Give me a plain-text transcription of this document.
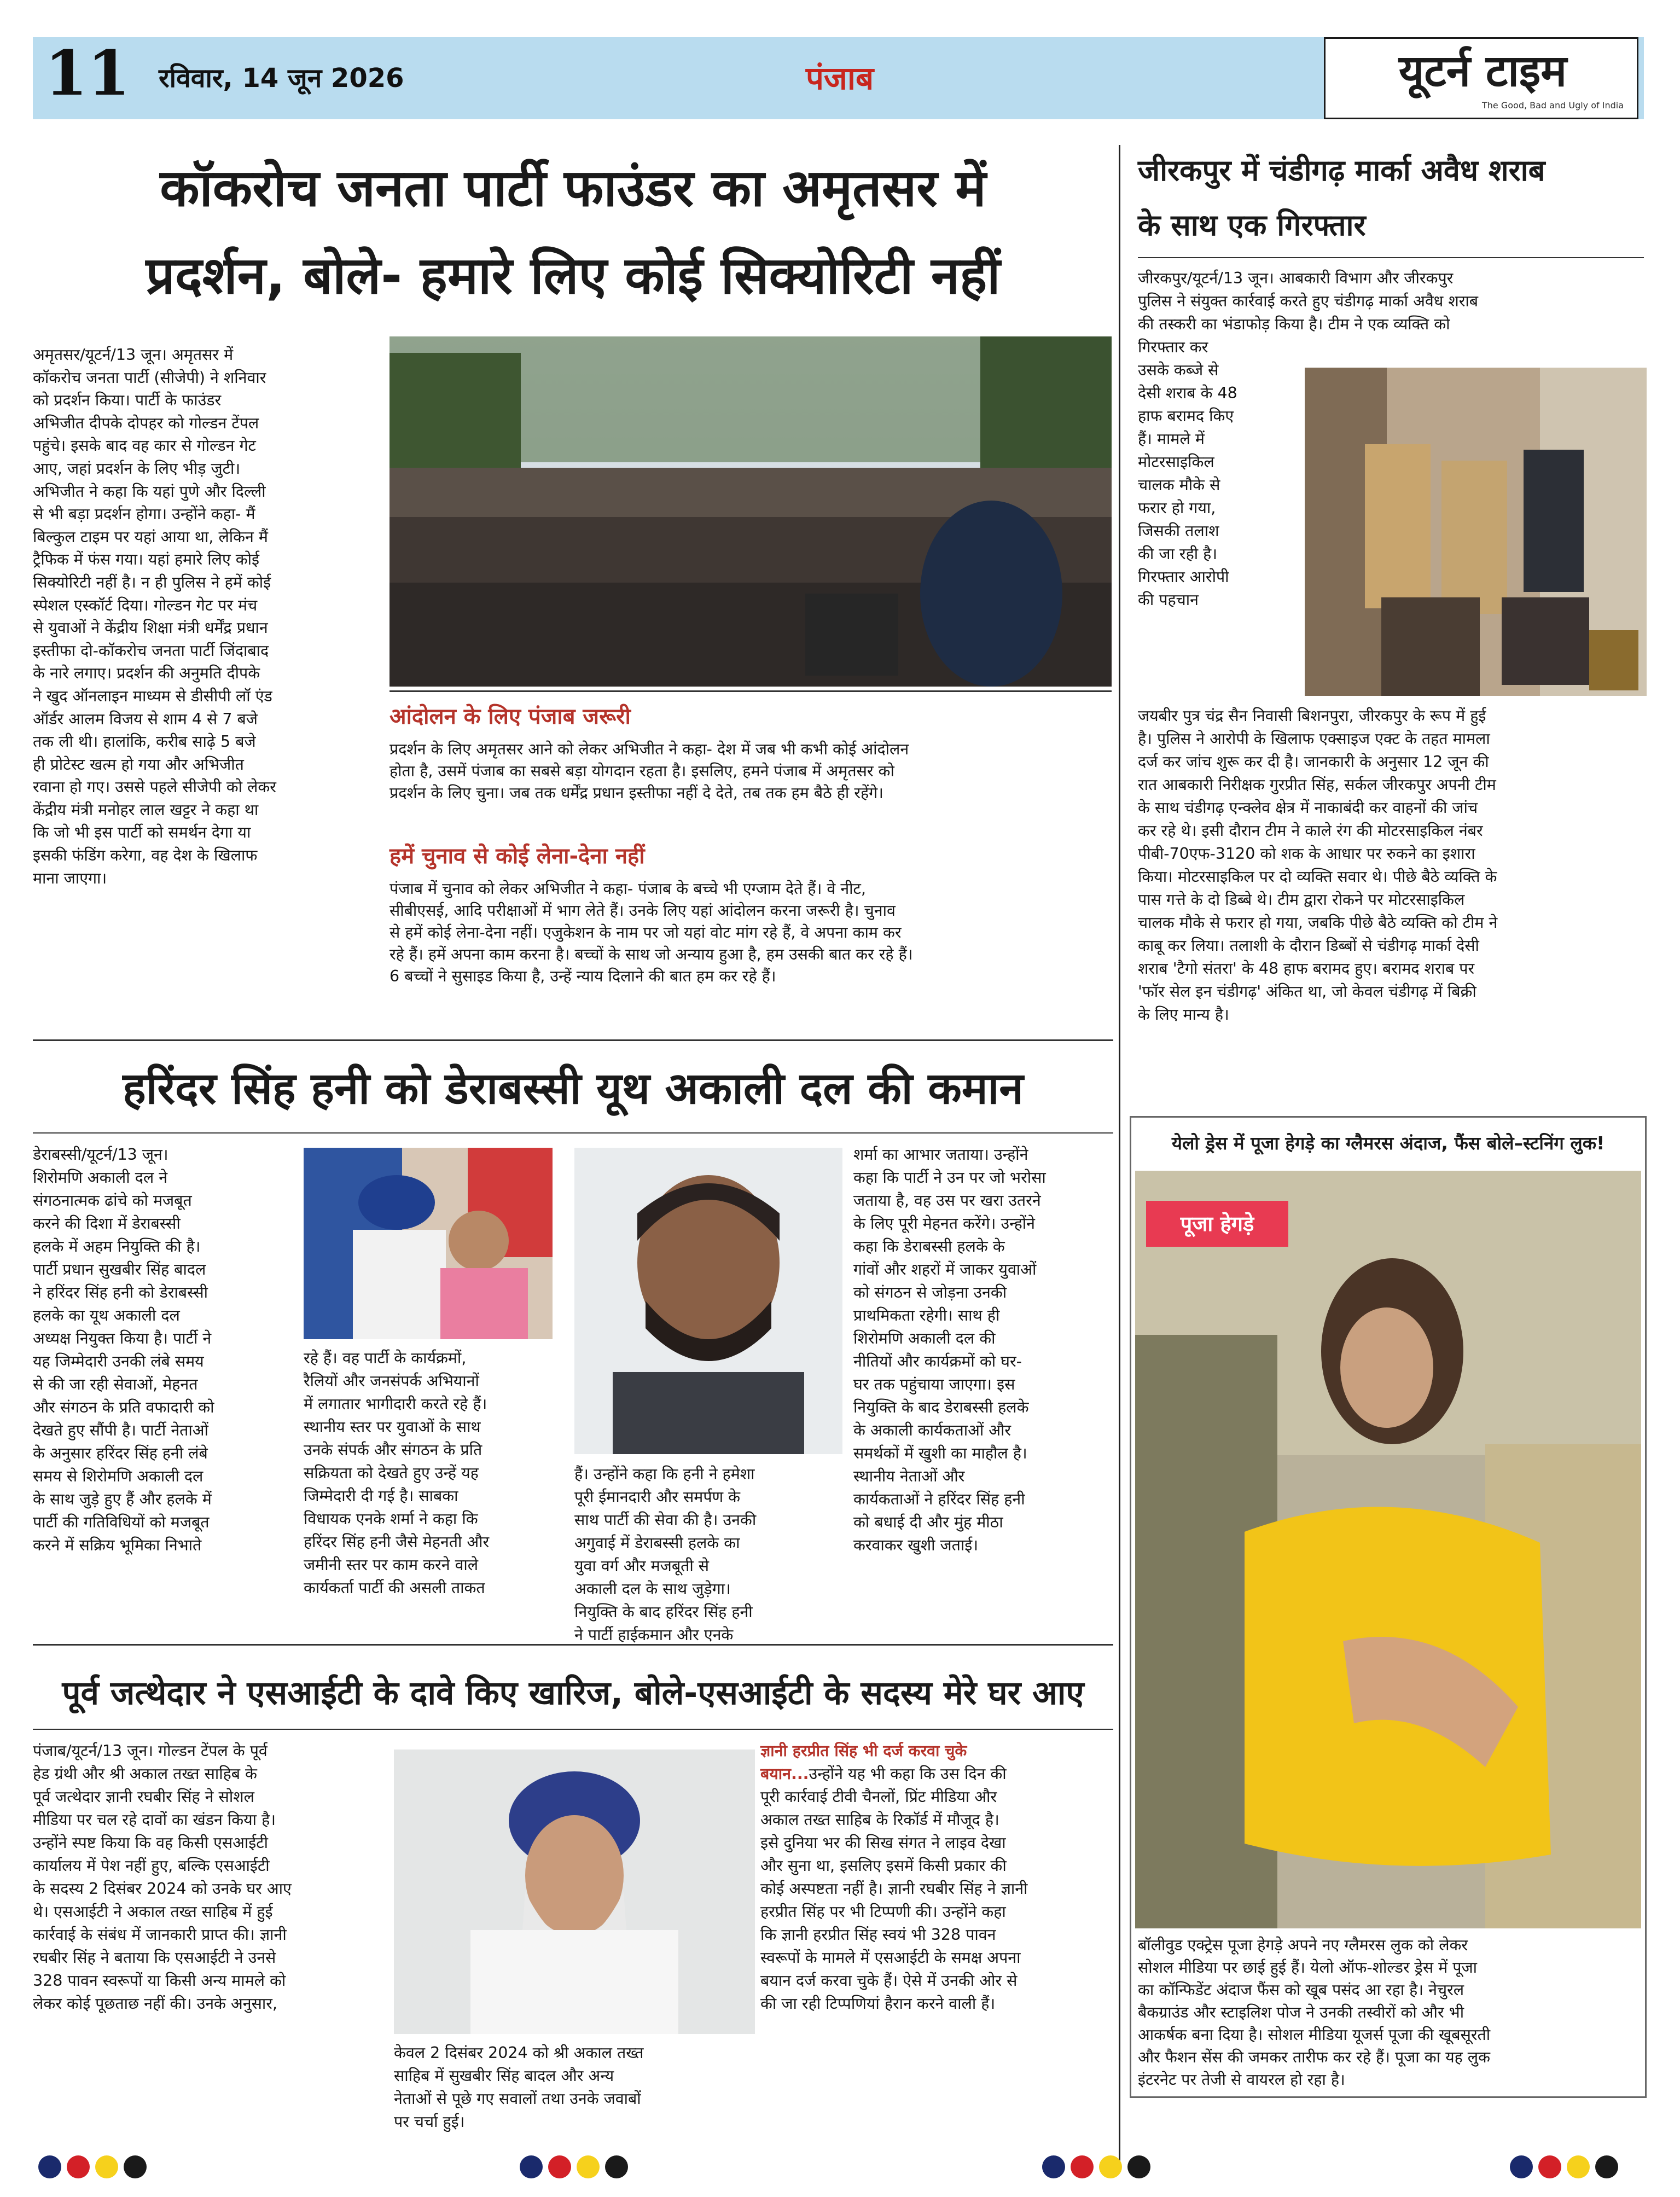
11 रविवार, 14 जून 2026	पंजाब	यूटर्न टाइम
The Good, Bad and Ugly of India
कॉकरोच जनता पार्टी फाउंडर का अमृतसर में
प्रदर्शन, बोले- हमारे लिए कोई सिक्योरिटी नहीं
अमृतसर/यूटर्न/13 जून। अमृतसर में
कॉकरोच जनता पार्टी (सीजेपी) ने शनिवार
को प्रदर्शन किया। पार्टी के फाउंडर
अभिजीत दीपके दोपहर को गोल्डन टेंपल
पहुंचे। इसके बाद वह कार से गोल्डन गेट
आए, जहां प्रदर्शन के लिए भीड़ जुटी।
अभिजीत ने कहा कि यहां पुणे और दिल्ली
से भी बड़ा प्रदर्शन होगा। उन्होंने कहा- मैं
बिल्कुल टाइम पर यहां आया था, लेकिन मैं
ट्रैफिक में फंस गया। यहां हमारे लिए कोई
सिक्योरिटी नहीं है। न ही पुलिस ने हमें कोई
स्पेशल एस्कॉर्ट दिया। गोल्डन गेट पर मंच
से युवाओं ने केंद्रीय शिक्षा मंत्री धर्मेंद्र प्रधान
इस्तीफा दो-कॉकरोच जनता पार्टी जिंदाबाद
के नारे लगाए। प्रदर्शन की अनुमति दीपके
ने खुद ऑनलाइन माध्यम से डीसीपी लॉ एंड
ऑर्डर आलम विजय से शाम 4 से 7 बजे
तक ली थी। हालांकि, करीब साढ़े 5 बजे
ही प्रोटेस्ट खत्म हो गया और अभिजीत
रवाना हो गए। उससे पहले सीजेपी को लेकर
केंद्रीय मंत्री मनोहर लाल खट्टर ने कहा था
कि जो भी इस पार्टी को समर्थन देगा या
इसकी फंडिंग करेगा, वह देश के खिलाफ
माना जाएगा।
आंदोलन के लिए पंजाब जरूरी
प्रदर्शन के लिए अमृतसर आने को लेकर अभिजीत ने कहा- देश में जब भी कभी कोई आंदोलन
होता है, उसमें पंजाब का सबसे बड़ा योगदान रहता है। इसलिए, हमने पंजाब में अमृतसर को
प्रदर्शन के लिए चुना। जब तक धर्मेंद्र प्रधान इस्तीफा नहीं दे देते, तब तक हम बैठे ही रहेंगे।
हमें चुनाव से कोई लेना-देना नहीं
पंजाब में चुनाव को लेकर अभिजीत ने कहा- पंजाब के बच्चे भी एग्जाम देते हैं। वे नीट,
सीबीएसई, आदि परीक्षाओं में भाग लेते हैं। उनके लिए यहां आंदोलन करना जरूरी है। चुनाव
से हमें कोई लेना-देना नहीं। एजुकेशन के नाम पर जो यहां वोट मांग रहे हैं, वे अपना काम कर
रहे हैं। हमें अपना काम करना है। बच्चों के साथ जो अन्याय हुआ है, हम उसकी बात कर रहे हैं।
6 बच्चों ने सुसाइड किया है, उन्हें न्याय दिलाने की बात हम कर रहे हैं।
जीरकपुर में चंडीगढ़ मार्का अवैध शराब
के साथ एक गिरफ्तार
जीरकपुर/यूटर्न/13 जून। आबकारी विभाग और जीरकपुर
पुलिस ने संयुक्त कार्रवाई करते हुए चंडीगढ़ मार्का अवैध शराब
की तस्करी का भंडाफोड़ किया है। टीम ने एक व्यक्ति को
गिरफ्तार कर
उसके कब्जे से
देसी शराब के 48
हाफ बरामद किए
हैं। मामले में
मोटरसाइकिल
चालक मौके से
फरार हो गया,
जिसकी तलाश
की जा रही है।
गिरफ्तार आरोपी
की पहचान
जयबीर पुत्र चंद्र सैन निवासी बिशनपुरा, जीरकपुर के रूप में हुई
है। पुलिस ने आरोपी के खिलाफ एक्साइज एक्ट के तहत मामला
दर्ज कर जांच शुरू कर दी है। जानकारी के अनुसार 12 जून की
रात आबकारी निरीक्षक गुरप्रीत सिंह, सर्कल जीरकपुर अपनी टीम
के साथ चंडीगढ़ एन्क्लेव क्षेत्र में नाकाबंदी कर वाहनों की जांच
कर रहे थे। इसी दौरान टीम ने काले रंग की मोटरसाइकिल नंबर
पीबी-70एफ-3120 को शक के आधार पर रुकने का इशारा
किया। मोटरसाइकिल पर दो व्यक्ति सवार थे। पीछे बैठे व्यक्ति के
पास गत्ते के दो डिब्बे थे। टीम द्वारा रोकने पर मोटरसाइकिल
चालक मौके से फरार हो गया, जबकि पीछे बैठे व्यक्ति को टीम ने
काबू कर लिया। तलाशी के दौरान डिब्बों से चंडीगढ़ मार्का देसी
शराब 'टैगो संतरा' के 48 हाफ बरामद हुए। बरामद शराब पर
'फॉर सेल इन चंडीगढ़' अंकित था, जो केवल चंडीगढ़ में बिक्री
के लिए मान्य है।
हरिंदर सिंह हनी को डेराबस्सी यूथ अकाली दल की कमान
डेराबस्सी/यूटर्न/13 जून।
शिरोमणि अकाली दल ने
संगठनात्मक ढांचे को मजबूत
करने की दिशा में डेराबस्सी
हलके में अहम नियुक्ति की है।
पार्टी प्रधान सुखबीर सिंह बादल
ने हरिंदर सिंह हनी को डेराबस्सी
हलके का यूथ अकाली दल
अध्यक्ष नियुक्त किया है। पार्टी ने
यह जिम्मेदारी उनकी लंबे समय
से की जा रही सेवाओं, मेहनत
और संगठन के प्रति वफादारी को
देखते हुए सौंपी है। पार्टी नेताओं
के अनुसार हरिंदर सिंह हनी लंबे
समय से शिरोमणि अकाली दल
के साथ जुड़े हुए हैं और हलके में
पार्टी की गतिविधियों को मजबूत
करने में सक्रिय भूमिका निभाते
रहे हैं। वह पार्टी के कार्यक्रमों,
रैलियों और जनसंपर्क अभियानों
में लगातार भागीदारी करते रहे हैं।
स्थानीय स्तर पर युवाओं के साथ
उनके संपर्क और संगठन के प्रति
सक्रियता को देखते हुए उन्हें यह
जिम्मेदारी दी गई है। साबका
विधायक एनके शर्मा ने कहा कि
हरिंदर सिंह हनी जैसे मेहनती और
जमीनी स्तर पर काम करने वाले
कार्यकर्ता पार्टी की असली ताकत
हैं। उन्होंने कहा कि हनी ने हमेशा
पूरी ईमानदारी और समर्पण के
साथ पार्टी की सेवा की है। उनकी
अगुवाई में डेराबस्सी हलके का
युवा वर्ग और मजबूती से
अकाली दल के साथ जुड़ेगा।
नियुक्ति के बाद हरिंदर सिंह हनी
ने पार्टी हाईकमान और एनके
शर्मा का आभार जताया। उन्होंने
कहा कि पार्टी ने उन पर जो भरोसा
जताया है, वह उस पर खरा उतरने
के लिए पूरी मेहनत करेंगे। उन्होंने
कहा कि डेराबस्सी हलके के
गांवों और शहरों में जाकर युवाओं
को संगठन से जोड़ना उनकी
प्राथमिकता रहेगी। साथ ही
शिरोमणि अकाली दल की
नीतियों और कार्यक्रमों को घर-
घर तक पहुंचाया जाएगा। इस
नियुक्ति के बाद डेराबस्सी हलके
के अकाली कार्यकताओं और
समर्थकों में खुशी का माहौल है।
स्थानीय नेताओं और
कार्यकताओं ने हरिंदर सिंह हनी
को बधाई दी और मुंह मीठा
करवाकर खुशी जताई।
येलो ड्रेस में पूजा हेगड़े का ग्लैमरस अंदाज, फैंस बोले–स्टनिंग लुक!
पूजा हेगड़े
बॉलीवुड एक्ट्रेस पूजा हेगड़े अपने नए ग्लैमरस लुक को लेकर
सोशल मीडिया पर छाई हुई हैं। येलो ऑफ-शोल्डर ड्रेस में पूजा
का कॉन्फिडेंट अंदाज फैंस को खूब पसंद आ रहा है। नेचुरल
बैकग्राउंड और स्टाइलिश पोज ने उनकी तस्वीरों को और भी
आकर्षक बना दिया है। सोशल मीडिया यूजर्स पूजा की खूबसूरती
और फैशन सेंस की जमकर तारीफ कर रहे हैं। पूजा का यह लुक
इंटरनेट पर तेजी से वायरल हो रहा है।
पूर्व जत्थेदार ने एसआईटी के दावे किए खारिज, बोले-एसआईटी के सदस्य मेरे घर आए
पंजाब/यूटर्न/13 जून। गोल्डन टेंपल के पूर्व
हेड ग्रंथी और श्री अकाल तख्त साहिब के
पूर्व जत्थेदार ज्ञानी रघबीर सिंह ने सोशल
मीडिया पर चल रहे दावों का खंडन किया है।
उन्होंने स्पष्ट किया कि वह किसी एसआईटी
कार्यालय में पेश नहीं हुए, बल्कि एसआईटी
के सदस्य 2 दिसंबर 2024 को उनके घर आए
थे। एसआईटी ने अकाल तख्त साहिब में हुई
कार्रवाई के संबंध में जानकारी प्राप्त की। ज्ञानी
रघबीर सिंह ने बताया कि एसआईटी ने उनसे
328 पावन स्वरूपों या किसी अन्य मामले को
लेकर कोई पूछताछ नहीं की। उनके अनुसार,
केवल 2 दिसंबर 2024 को श्री अकाल तख्त
साहिब में सुखबीर सिंह बादल और अन्य
नेताओं से पूछे गए सवालों तथा उनके जवाबों
पर चर्चा हुई।
ज्ञानी हरप्रीत सिंह भी दर्ज करवा चुके
बयान...उन्होंने यह भी कहा कि उस दिन की
पूरी कार्रवाई टीवी चैनलों, प्रिंट मीडिया और
अकाल तख्त साहिब के रिकॉर्ड में मौजूद है।
इसे दुनिया भर की सिख संगत ने लाइव देखा
और सुना था, इसलिए इसमें किसी प्रकार की
कोई अस्पष्टता नहीं है। ज्ञानी रघबीर सिंह ने ज्ञानी
हरप्रीत सिंह पर भी टिप्पणी की। उन्होंने कहा
कि ज्ञानी हरप्रीत सिंह स्वयं भी 328 पावन
स्वरूपों के मामले में एसआईटी के समक्ष अपना
बयान दर्ज करवा चुके हैं। ऐसे में उनकी ओर से
की जा रही टिप्पणियां हैरान करने वाली हैं।
